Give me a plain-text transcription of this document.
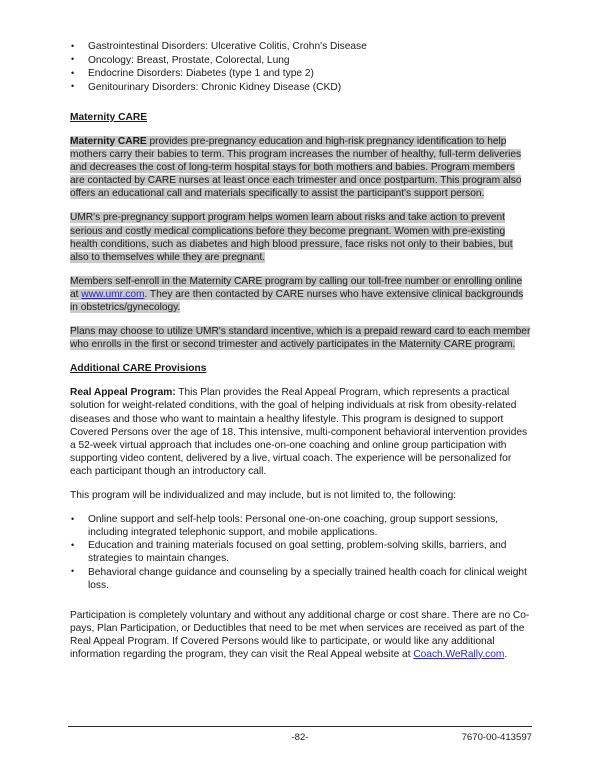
• Gastrointestinal Disorders: Ulcerative Colitis, Crohn's Disease
• Oncology: Breast, Prostate, Colorectal, Lung
• Endocrine Disorders: Diabetes (type 1 and type 2)
• Genitourinary Disorders: Chronic Kidney Disease (CKD)
Maternity CARE

Maternity CARE provides pre-pregnancy education and high-risk pregnancy identification to help mothers carry their babies to term. This program increases the number of healthy, full-term deliveries and decreases the cost of long-term hospital stays for both mothers and babies. Program members are contacted by CARE nurses at least once each trimester and once postpartum. This program also offers an educational call and materials specifically to assist the participant's support person.

UMR's pre-pregnancy support program helps women learn about risks and take action to prevent serious and costly medical complications before they become pregnant. Women with pre-existing health conditions, such as diabetes and high blood pressure, face risks not only to their babies, but also to themselves while they are pregnant.

Members self-enroll in the Maternity CARE program by calling our toll-free number or enrolling online at www.umr.com. They are then contacted by CARE nurses who have extensive clinical backgrounds in obstetrics/gynecology.

Plans may choose to utilize UMR's standard incentive, which is a prepaid reward card to each member who enrolls in the first or second trimester and actively participates in the Maternity CARE program.

Additional CARE Provisions

Real Appeal Program: This Plan provides the Real Appeal Program, which represents a practical solution for weight-related conditions, with the goal of helping individuals at risk from obesity-related diseases and those who want to maintain a healthy lifestyle. This program is designed to support Covered Persons over the age of 18. This intensive, multi-component behavioral intervention provides a 52-week virtual approach that includes one-on-one coaching and online group participation with supporting video content, delivered by a live, virtual coach. The experience will be personalized for each participant though an introductory call.

This program will be individualized and may include, but is not limited to, the following:

• Online support and self-help tools: Personal one-on-one coaching, group support sessions, including integrated telephonic support, and mobile applications.
• Education and training materials focused on goal setting, problem-solving skills, barriers, and strategies to maintain changes.
• Behavioral change guidance and counseling by a specially trained health coach for clinical weight loss.

Participation is completely voluntary and without any additional charge or cost share. There are no Co-pays, Plan Participation, or Deductibles that need to be met when services are received as part of the Real Appeal Program. If Covered Persons would like to participate, or would like any additional information regarding the program, they can visit the Real Appeal website at Coach.WeRally.com.

-82-	7670-00-413597
